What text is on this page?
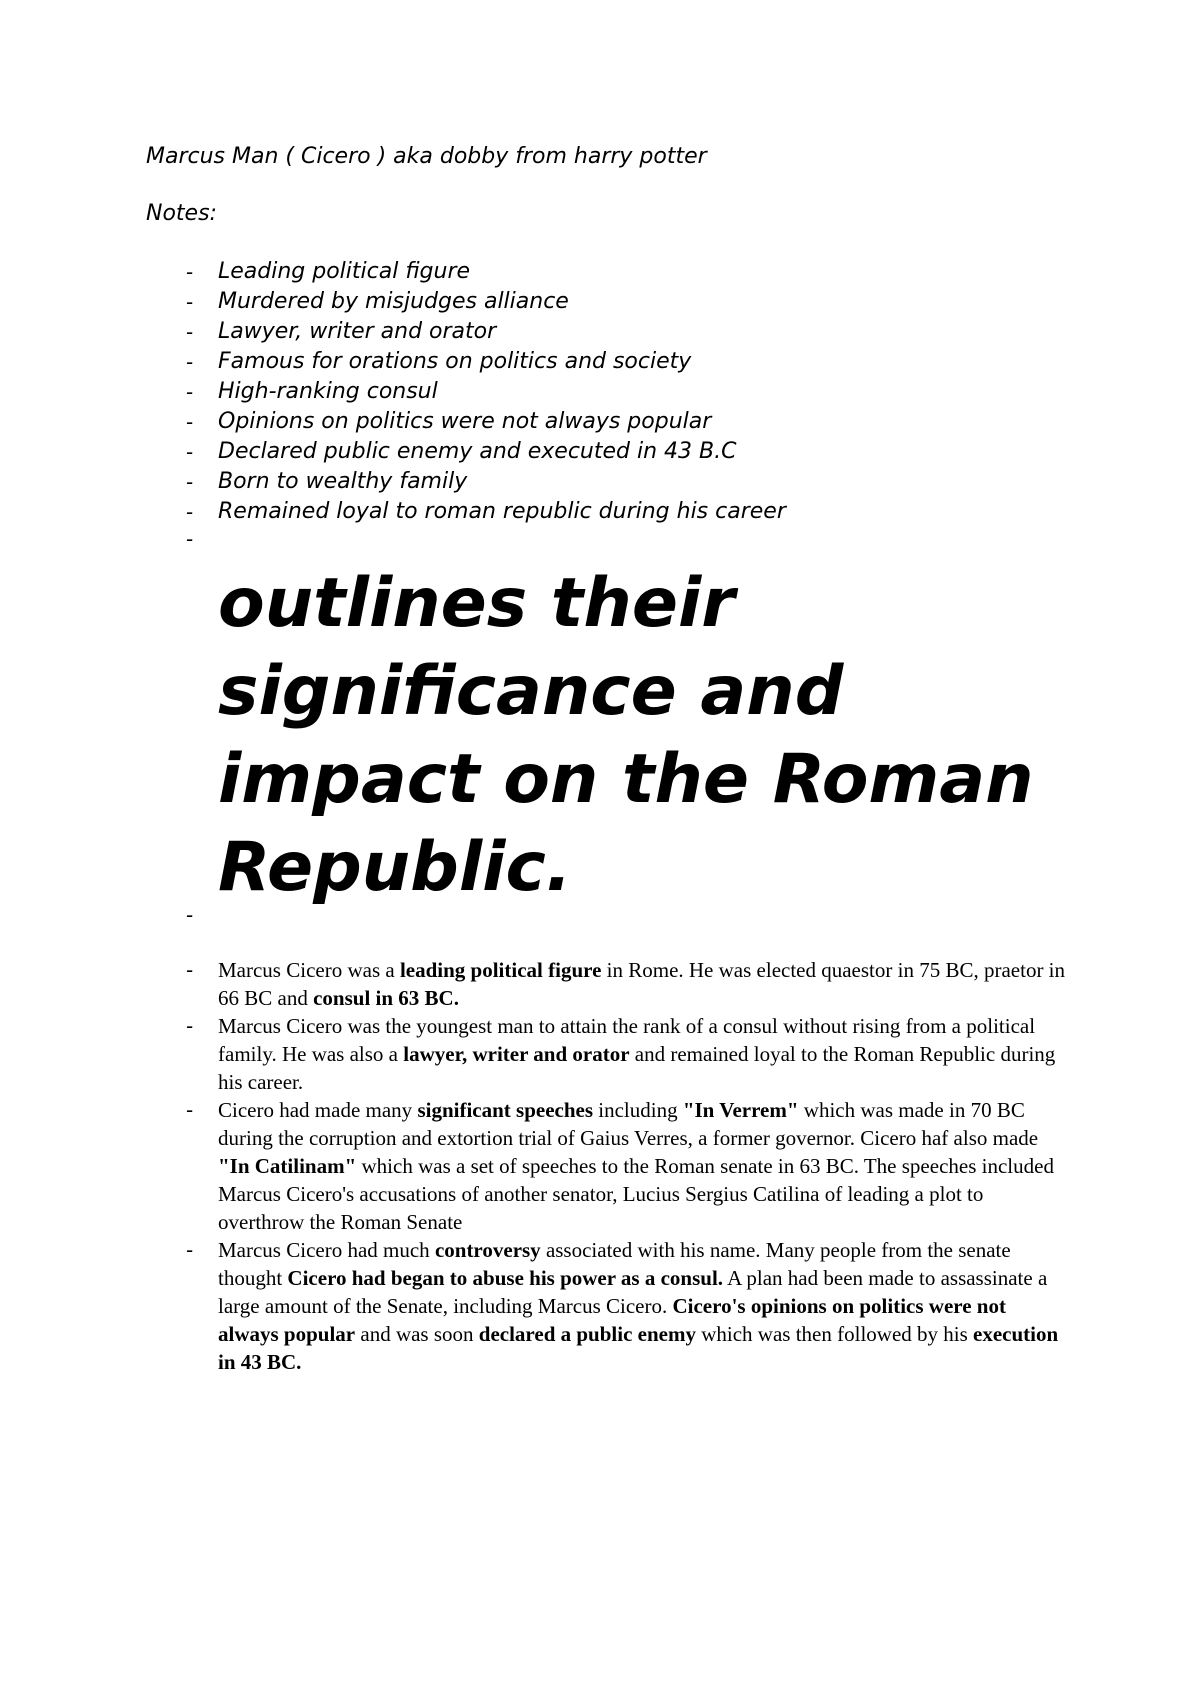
Marcus Man ( Cicero ) aka dobby from harry potter
Notes:
- Leading political figure
- Murdered by misjudges alliance
- Lawyer, writer and orator
- Famous for orations on politics and society
- High-ranking consul
- Opinions on politics were not always popular
- Declared public enemy and executed in 43 B.C
- Born to wealthy family
- Remained loyal to roman republic during his career
-
outlines their significance and impact on the Roman Republic.
-
- Marcus Cicero was a leading political figure in Rome. He was elected quaestor in 75 BC, praetor in 66 BC and consul in 63 BC.
- Marcus Cicero was the youngest man to attain the rank of a consul without rising from a political family. He was also a lawyer, writer and orator and remained loyal to the Roman Republic during his career.
- Cicero had made many significant speeches including "In Verrem" which was made in 70 BC during the corruption and extortion trial of Gaius Verres, a former governor. Cicero haf also made "In Catilinam" which was a set of speeches to the Roman senate in 63 BC. The speeches included Marcus Cicero's accusations of another senator, Lucius Sergius Catilina of leading a plot to overthrow the Roman Senate
- Marcus Cicero had much controversy associated with his name. Many people from the senate thought Cicero had began to abuse his power as a consul. A plan had been made to assassinate a large amount of the Senate, including Marcus Cicero. Cicero's opinions on politics were not always popular and was soon declared a public enemy which was then followed by his execution in 43 BC.
